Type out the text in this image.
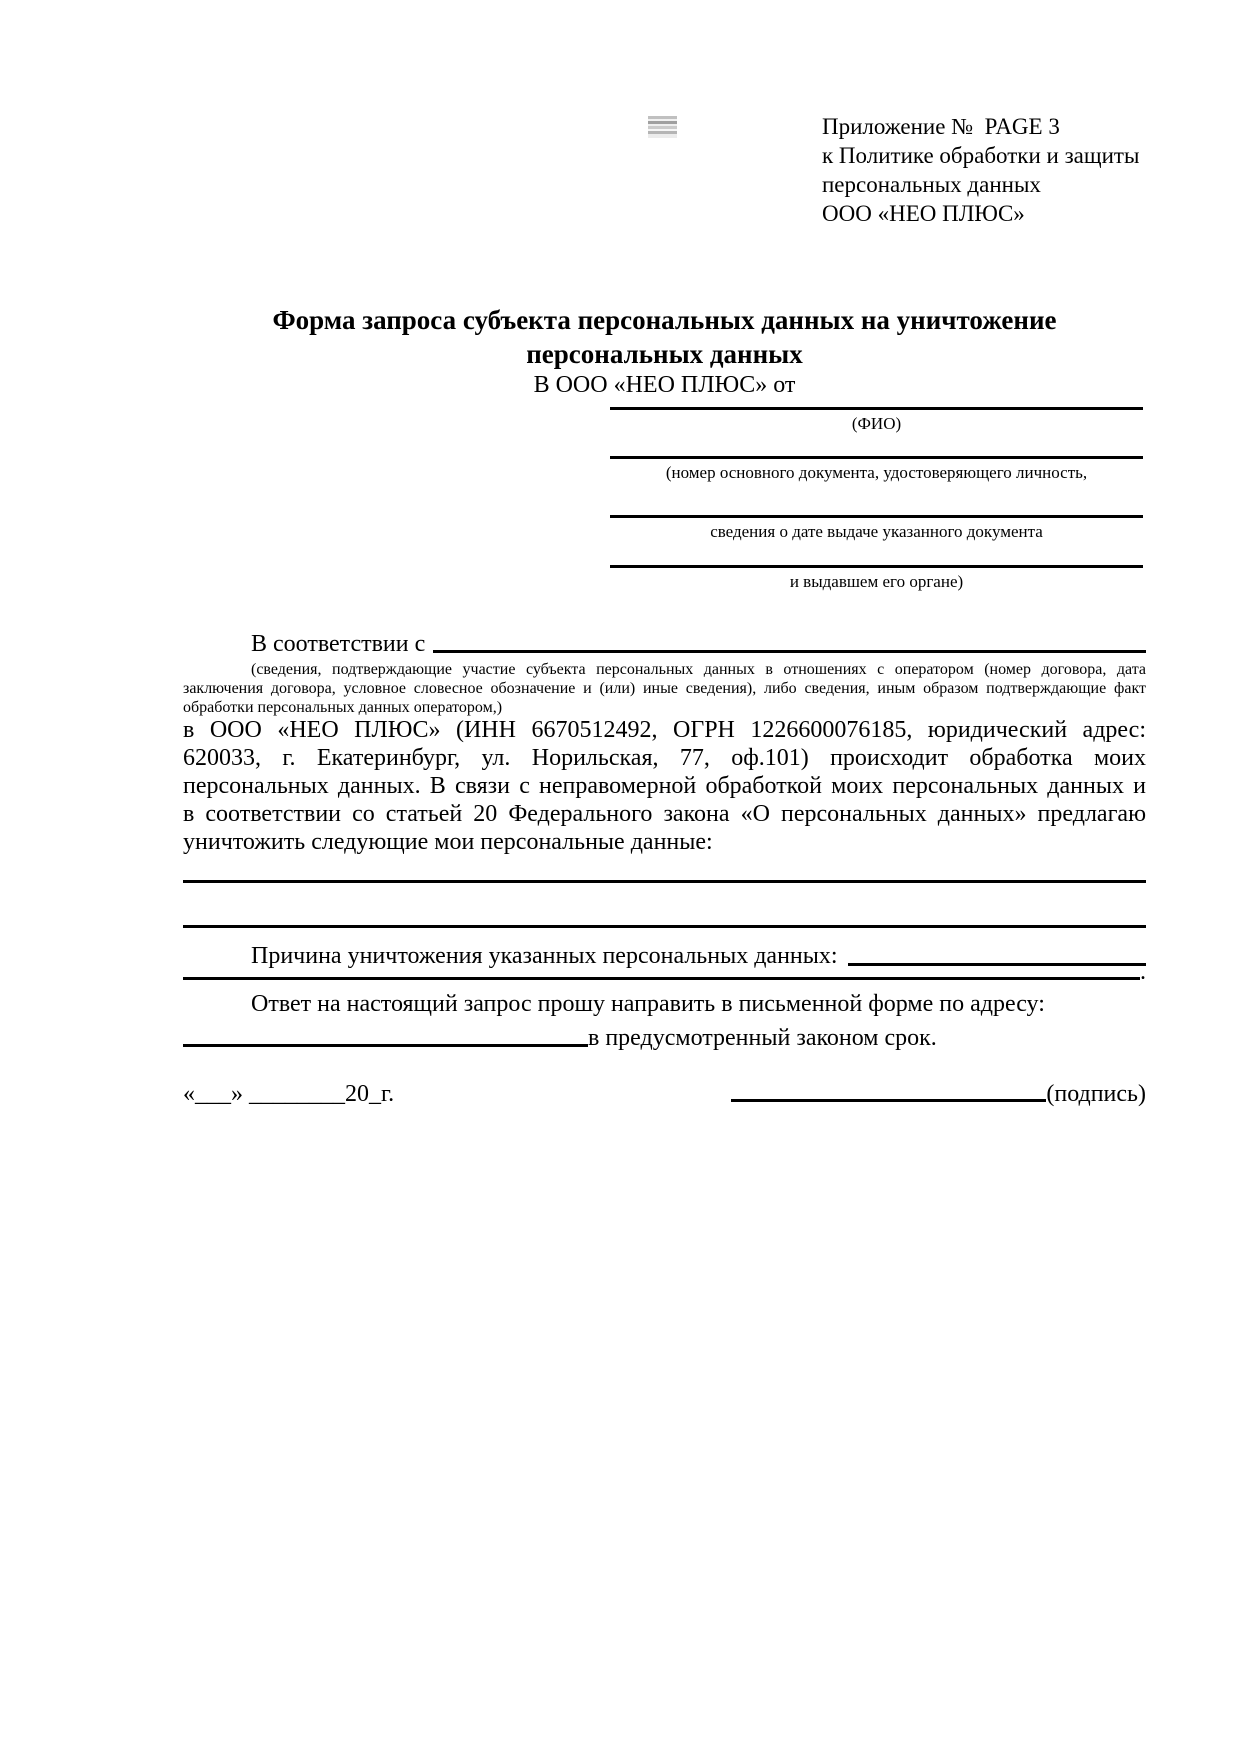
Приложение №  PAGE 3
к Политике обработки и защиты
персональных данных
ООО «НЕО ПЛЮС»
Форма запроса субъекта персональных данных на уничтожение
персональных данных
В ООО «НЕО ПЛЮС» от
(ФИО)
(номер основного документа, удостоверяющего личность,
сведения о дате выдаче указанного документа
и выдавшем его органе)
В соответствии с
(сведения, подтверждающие участие субъекта персональных данных в отношениях с оператором (номер договора, дата
заключения договора, условное словесное обозначение и (или) иные сведения), либо сведения, иным образом подтверждающие факт
обработки персональных данных оператором,)
в ООО «НЕО ПЛЮС» (ИНН 6670512492, ОГРН 1226600076185, юридический адрес:
620033, г. Екатеринбург, ул. Норильская, 77, оф.101) происходит обработка моих
персональных данных. В связи с неправомерной обработкой моих персональных данных и
в соответствии со статьей 20 Федерального закона «О персональных данных» предлагаю
уничтожить следующие мои персональные данные:
Причина уничтожения указанных персональных данных:
.
Ответ на настоящий запрос прошу направить в письменной форме по адресу:
в предусмотренный законом срок.
«___» ________20_г.	(подпись)
